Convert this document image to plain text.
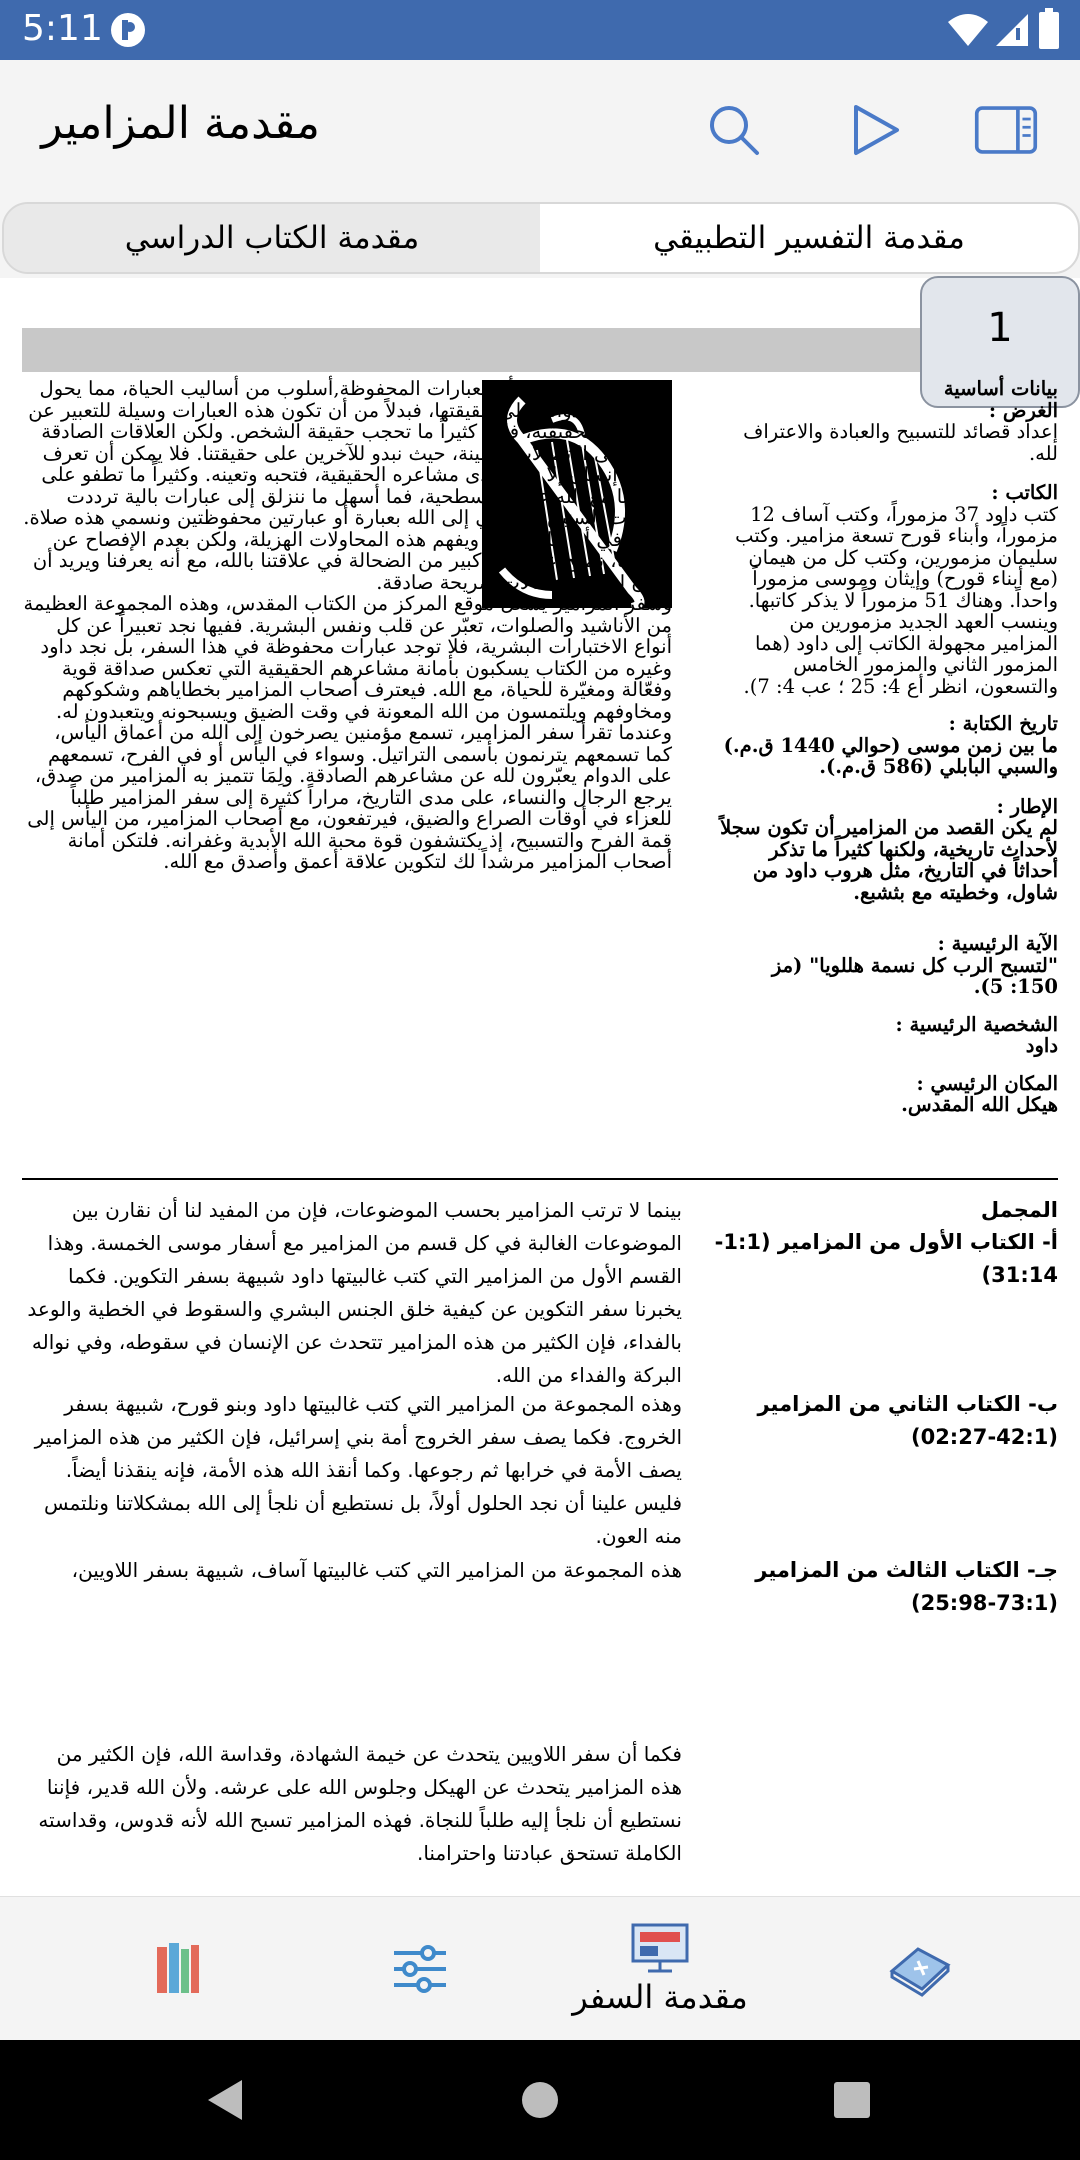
5:11
مقدمة المزامير
مقدمة التفسير التطبيقي
مقدمة الكتاب الدراسي
1
بيانات أساسية
الغرض :
إعداد قصائد للتسبيح والعبادة والاعتراف لله.
الكاتب :
كتب داود 37 مزموراً، وكتب آساف 12 مزموراً، وأبناء قورح تسعة مزامير. وكتب سليمان مزمورين، وكتب كل من هيمان (مع أبناء قورح) وإيثان وموسى مزموراً واحداً. وهناك 51 مزموراً لا يذكر كاتبها. وينسب العهد الجديد مزمورين من المزامير مجهولة الكاتب إلى داود (هما المزمور الثاني والمزمور الخامس والتسعون، انظر أع 4: 25 ؛ عب 4: 7).
تاريخ الكتابة :
ما بين زمن موسى (حوالي 1440 ق.م.) والسبي البابلي (586 ق.م.).
الإطار :
لم يكن القصد من المزامير أن تكون سجلاً لأحداث تاريخية، ولكنها كثيراً ما تذكر أحداثاً في التاريخ، مثل هروب داود من شاول، وخطيته مع بثشبع.
الآية الرئيسية :
"لتسبح الرب كل نسمة هللويا" (مز 150: 5).
الشخصية الرئيسية :
داود
المكان الرئيسي :
هيكل الله المقدس.
استخدام "التحيات" أو العبارات المحفوظة,أسلوب من أساليب الحياة، مما يحول دون كشف ذواتنا على حقيقتها، فبدلاً من أن تكون هذه العبارات وسيلة للتعبير عن المشاعر الحقيقية، فإنها كثيراً ما تحجب حقيقة الشخص. ولكن العلاقات الصادقة تقوم على الاتصالات الأمينة، حيث نبدو للآخرين على حقيقتنا. فلا يمكن أن تعرف حقيقة إنسان إلا متى أبدى مشاعره الحقيقية، فتحبه وتعينه. وكثيراً ما تطفو على أحاديثنا مع الله عبارات سطحية، فما أسهل ما ننزلق إلى عبارات بالية ترددت عشرات السنين، أو نلقي إلى الله بعبارة أو عبارتين محفوظتين ونسمي هذه صلاة. لاشك في أن الله يسمع ويفهم هذه المحاولات الهزيلة، ولكن بعدم الإفصاح عن أعماقنا، نصبح على قدر كبير من الضحالة في علاقتنا بالله، مع أنه يعرفنا ويريد أن نكون لنا معه اتصالات صريحة صادقة.
وسفر المزامير يشغل موقع المركز من الكتاب المقدس، وهذه المجموعة العظيمة من الأناشيد والصلوات، تعبّر عن قلب ونفس البشرية. ففيها نجد تعبيراً عن كل أنواع الاختبارات البشرية، فلا توجد عبارات محفوظة في هذا السفر، بل نجد داود وغيره من الكتاب يسكبون بأمانة مشاعرهم الحقيقية التي تعكس صداقة قوية وفعّالة ومغيّرة للحياة، مع الله. فيعترف أصحاب المزامير بخطاياهم وشكوكهم ومخاوفهم ويلتمسون من الله المعونة في وقت الضيق ويسبحونه ويتعبدون له.
وعندما تقرأ سفر المزامير، تسمع مؤمنين يصرخون إلى الله من أعماق اليأس، كما تسمعهم يترنمون بأسمى التراتيل. وسواء في اليأس أو في الفرح، تسمعهم على الدوام يعبّرون لله عن مشاعرهم الصادقة. ولِمَا تتميز به المزامير من صدق، يرجع الرجال والنساء، على مدى التاريخ، مراراً كثيرة إلى سفر المزامير طلباً للعزاء في أوقات الصراع والضيق، فيرتفعون، مع أصحاب المزامير، من اليأس إلى قمة الفرح والتسبيح، إذ يكتشفون قوة محبة الله الأبدية وغفرانه. فلتكن أمانة أصحاب المزامير مرشداً لك لتكوين علاقة أعمق وأصدق مع الله.
المجمل
أ- الكتاب الأول من المزامير (1:1-31:14)
بينما لا ترتب المزامير بحسب الموضوعات، فإن من المفيد لنا أن نقارن بين الموضوعات الغالبة في كل قسم من المزامير مع أسفار موسى الخمسة. وهذا القسم الأول من المزامير التي كتب غالبيتها داود شبيهة بسفر التكوين. فكما يخبرنا سفر التكوين عن كيفية خلق الجنس البشري والسقوط في الخطية والوعد بالفداء، فإن الكثير من هذه المزامير تتحدث عن الإنسان في سقوطه، وفي نواله البركة والفداء من الله.
ب- الكتاب الثاني من المزامير (42:1-02:27)
وهذه المجموعة من المزامير التي كتب غالبيتها داود وبنو قورح، شبيهة بسفر الخروج. فكما يصف سفر الخروج أمة بني إسرائيل، فإن الكثير من هذه المزامير يصف الأمة في خرابها ثم رجوعها. وكما أنقذ الله هذه الأمة، فإنه ينقذنا أيضاً. فليس علينا أن نجد الحلول أولاً، بل نستطيع أن نلجأ إلى الله بمشكلاتنا ونلتمس منه العون.
جـ- الكتاب الثالث من المزامير (73:1-25:98)
هذه المجموعة من المزامير التي كتب غالبيتها آساف، شبيهة بسفر اللاويين،
فكما أن سفر اللاويين يتحدث عن خيمة الشهادة، وقداسة الله، فإن الكثير من هذه المزامير يتحدث عن الهيكل وجلوس الله على عرشه. ولأن الله قدير، فإننا نستطيع أن نلجأ إليه طلباً للنجاة. فهذه المزامير تسبح الله لأنه قدوس، وقداسته الكاملة تستحق عبادتنا واحترامنا.
مقدمة السفر
